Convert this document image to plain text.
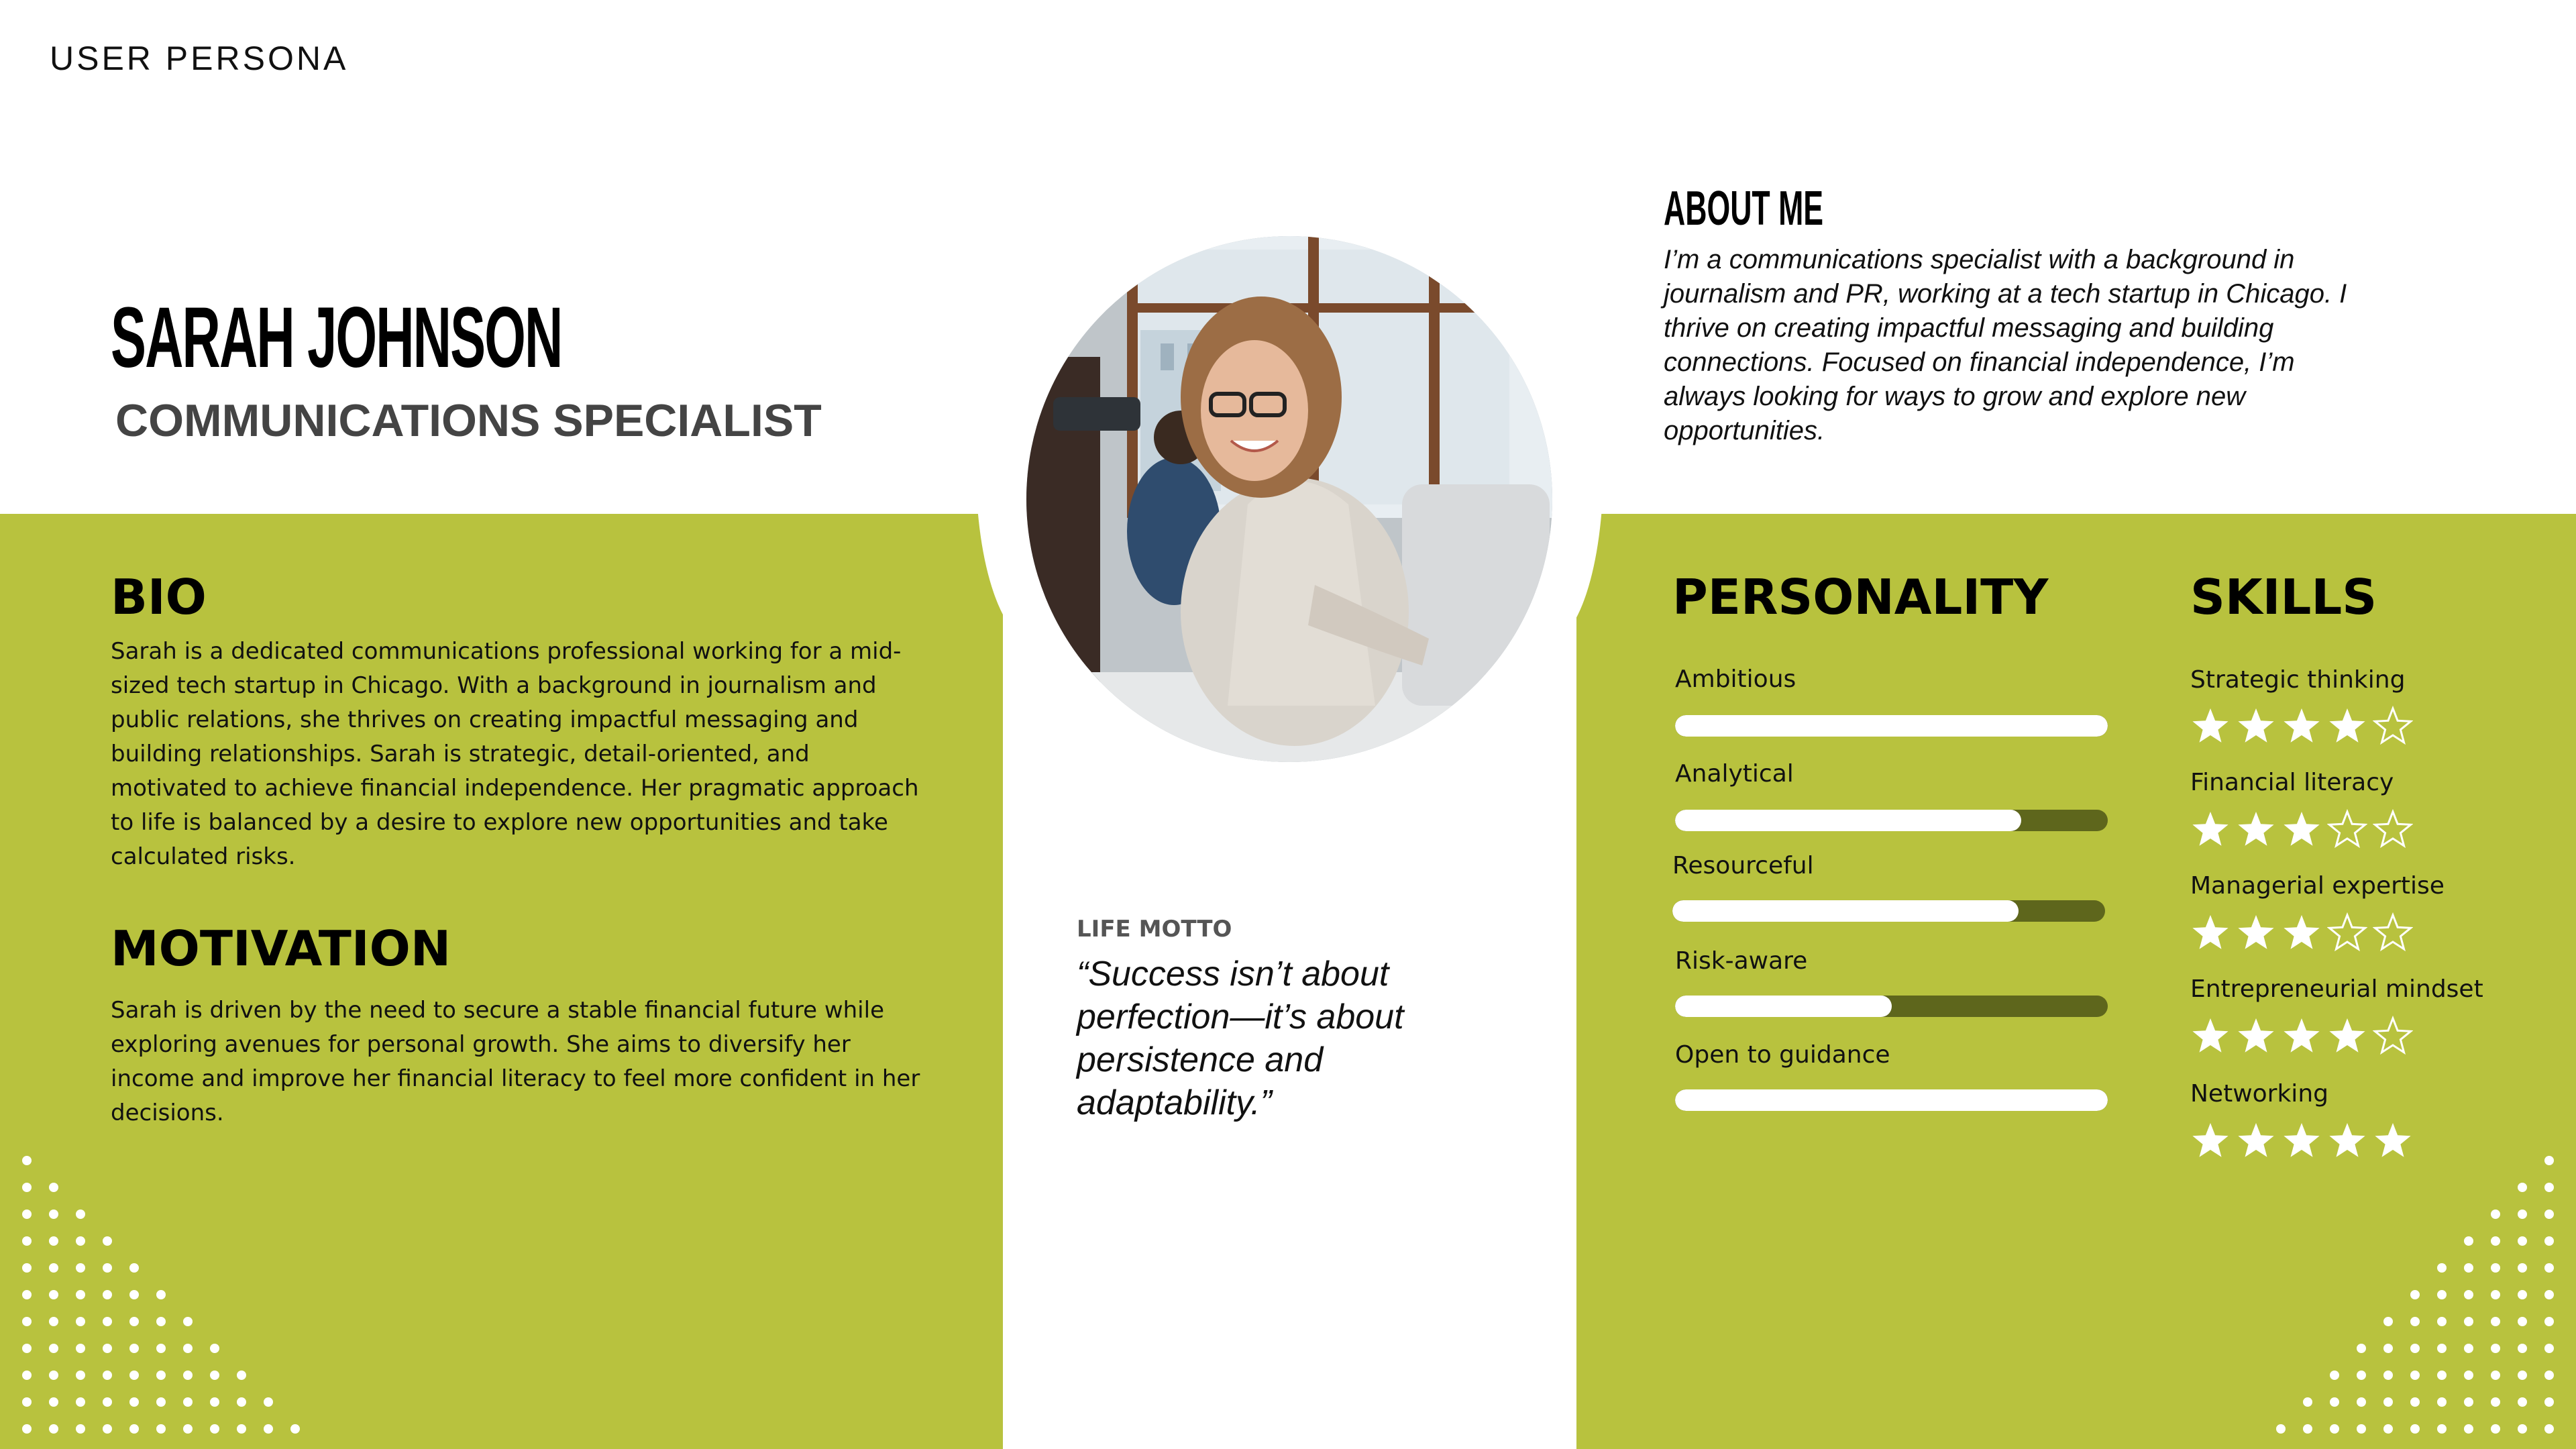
USER PERSONA
SARAH JOHNSON
COMMUNICATIONS SPECIALIST
ABOUT ME
I’m a communications specialist with a background in journalism and PR, working at a tech startup in Chicago. I thrive on creating impactful messaging and building connections. Focused on financial independence, I’m always looking for ways to grow and explore new opportunities.
BIO
Sarah is a dedicated communications professional working for a mid-sized tech startup in Chicago. With a background in journalism and public relations, she thrives on creating impactful messaging and building relationships. Sarah is strategic, detail-oriented, and motivated to achieve financial independence. Her pragmatic approach to life is balanced by a desire to explore new opportunities and take calculated risks.
MOTIVATION
Sarah is driven by the need to secure a stable financial future while exploring avenues for personal growth. She aims to diversify her income and improve her financial literacy to feel more confident in her decisions.
LIFE MOTTO
“Success isn’t about perfection—it’s about persistence and adaptability.”
PERSONALITY
Ambitious
Analytical
Resourceful
Risk-aware
Open to guidance
SKILLS
Strategic thinking
Financial literacy
Managerial expertise
Entrepreneurial mindset
Networking
